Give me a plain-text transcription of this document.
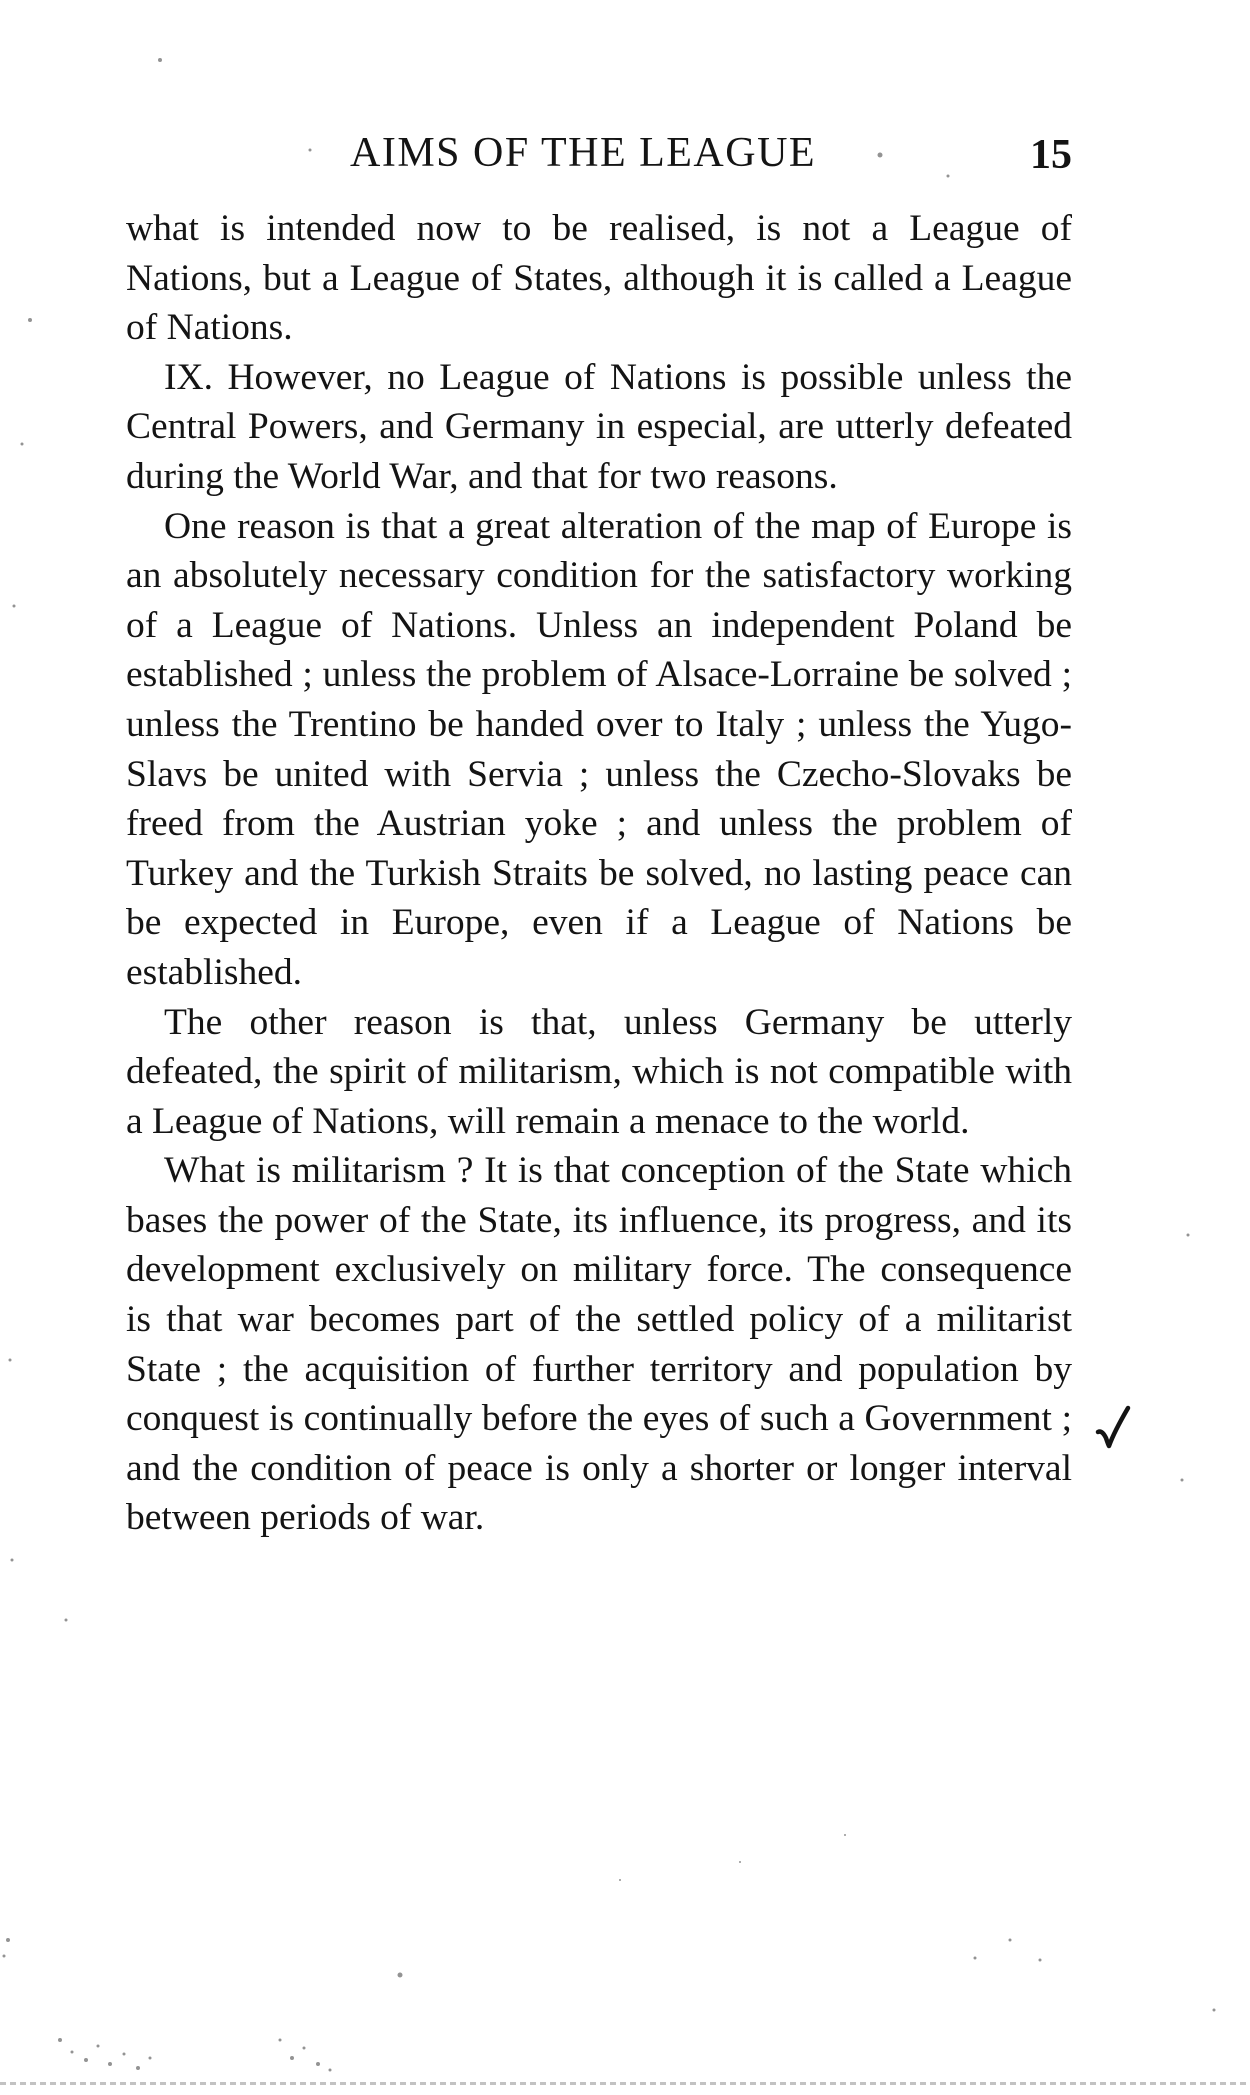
AIMS OF THE LEAGUE	15

what is intended now to be realised, is not a League of Nations, but a League of States, although it is called a League of Nations.

IX. However, no League of Nations is possible unless the Central Powers, and Germany in especial, are utterly defeated during the World War, and that for two reasons.

One reason is that a great alteration of the map of Europe is an absolutely necessary condition for the satisfactory working of a League of Nations. Unless an independent Poland be established ; unless the problem of Alsace-Lorraine be solved ; unless the Trentino be handed over to Italy ; unless the Yugo-Slavs be united with Servia ; unless the Czecho-Slovaks be freed from the Austrian yoke ; and unless the problem of Turkey and the Turkish Straits be solved, no lasting peace can be expected in Europe, even if a League of Nations be established.

The other reason is that, unless Germany be utterly defeated, the spirit of militarism, which is not compatible with a League of Nations, will remain a menace to the world.

What is militarism ? It is that conception of the State which bases the power of the State, its influence, its progress, and its development exclusively on military force. The consequence is that war becomes part of the settled policy of a militarist State ; the acquisition of further territory and population by conquest is continually before the eyes of such a Government ; and the condition of peace is only a shorter or longer interval between periods of war.
